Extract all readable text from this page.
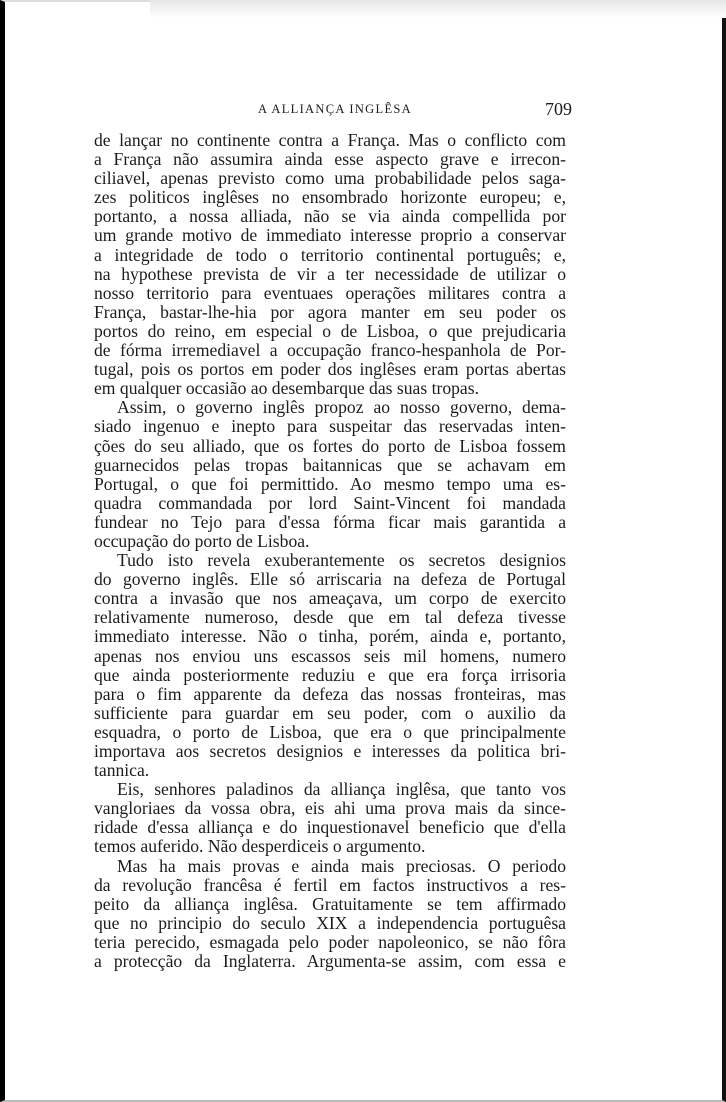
A ALLIANÇA INGLÊSA	709
de lançar no continente contra a França. Mas o conflicto com
a França não assumira ainda esse aspecto grave e irrecon-
ciliavel, apenas previsto como uma probabilidade pelos saga-
zes politicos inglêses no ensombrado horizonte europeu; e,
portanto, a nossa alliada, não se via ainda compellida por
um grande motivo de immediato interesse proprio a conservar
a integridade de todo o territorio continental português; e,
na hypothese prevista de vir a ter necessidade de utilizar o
nosso territorio para eventuaes operações militares contra a
França, bastar-lhe-hia por agora manter em seu poder os
portos do reino, em especial o de Lisboa, o que prejudicaria
de fórma irremediavel a occupação franco-hespanhola de Por-
tugal, pois os portos em poder dos inglêses eram portas abertas
em qualquer occasião ao desembarque das suas tropas.
Assim, o governo inglês propoz ao nosso governo, dema-
siado ingenuo e inepto para suspeitar das reservadas inten-
ções do seu alliado, que os fortes do porto de Lisboa fossem
guarnecidos pelas tropas baitannicas que se achavam em
Portugal, o que foi permittido. Ao mesmo tempo uma es-
quadra commandada por lord Saint-Vincent foi mandada
fundear no Tejo para d'essa fórma ficar mais garantida a
occupação do porto de Lisboa.
Tudo isto revela exuberantemente os secretos designios
do governo inglês. Elle só arriscaria na defeza de Portugal
contra a invasão que nos ameaçava, um corpo de exercito
relativamente numeroso, desde que em tal defeza tivesse
immediato interesse. Não o tinha, porém, ainda e, portanto,
apenas nos enviou uns escassos seis mil homens, numero
que ainda posteriormente reduziu e que era força irrisoria
para o fim apparente da defeza das nossas fronteiras, mas
sufficiente para guardar em seu poder, com o auxilio da
esquadra, o porto de Lisboa, que era o que principalmente
importava aos secretos designios e interesses da politica bri-
tannica.
Eis, senhores paladinos da alliança inglêsa, que tanto vos
vangloriaes da vossa obra, eis ahi uma prova mais da since-
ridade d'essa alliança e do inquestionavel beneficio que d'ella
temos auferido. Não desperdiceis o argumento.
Mas ha mais provas e ainda mais preciosas. O periodo
da revolução francêsa é fertil em factos instructivos a res-
peito da alliança inglêsa. Gratuitamente se tem affirmado
que no principio do seculo XIX a independencia portuguêsa
teria perecido, esmagada pelo poder napoleonico, se não fôra
a protecção da Inglaterra. Argumenta-se assim, com essa e
